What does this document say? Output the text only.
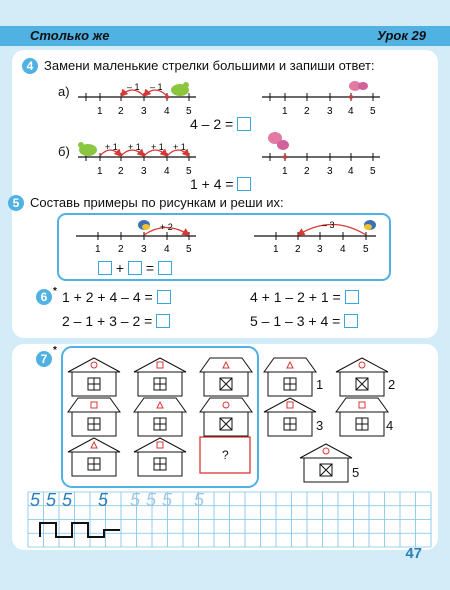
Столько же	Урок 29
4 Замени маленькие стрелки большими и запиши ответ:
а)
б)
4 – 2 =
1 + 4 =
5 Составь примеры по рисункам и реши их:
+ =
6 * 1 + 2 + 4 – 4 =	4 + 1 – 2 + 1 =
2 – 1 + 3 – 2 =	5 – 1 – 3 + 4 =
7
*
?
1	2
3	4
5
47
1 2 3 4 5
– 1 – 1
1 2 3 4 5
1 2 3 4 5
+ 1 + 1 + 1 + 1
1 2 3 4 5
1 2 3 4 5
+ 2
1 2 3 4 5
– 3
5 5 5 5 5 5 5 5
